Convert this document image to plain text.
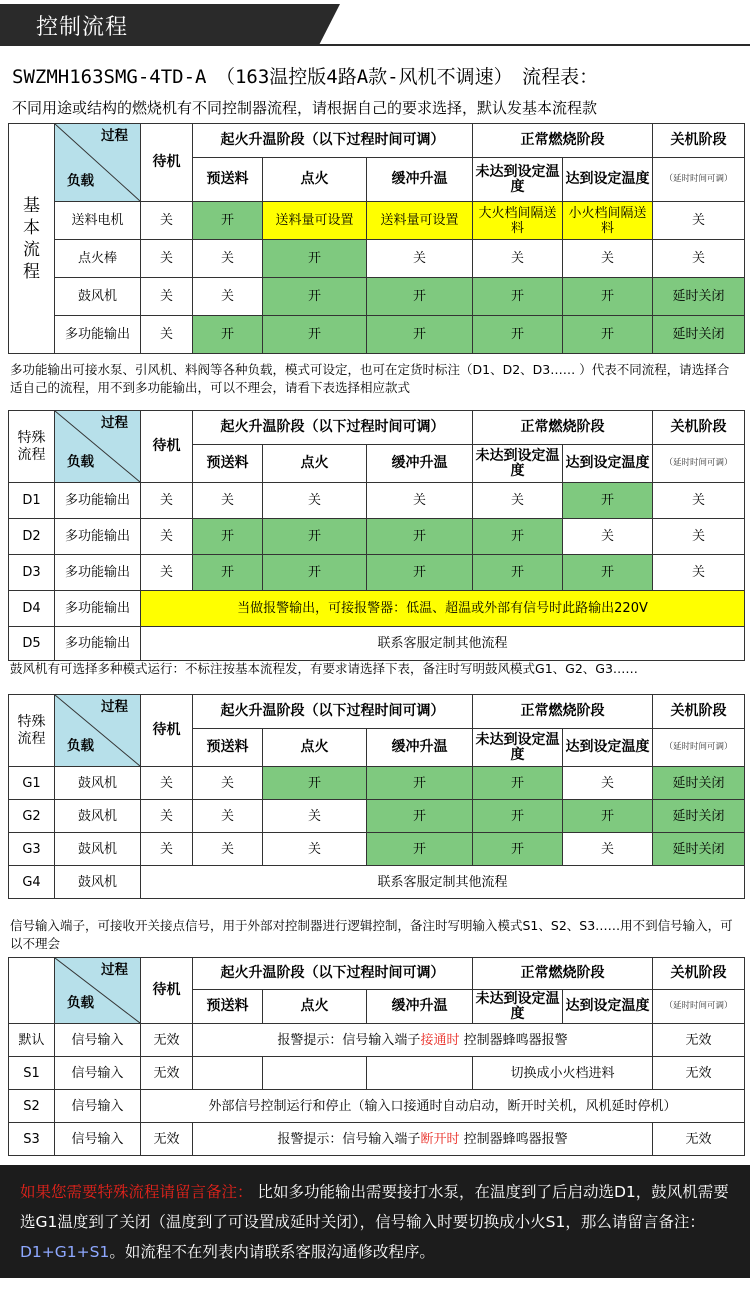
控制流程
SWZMH163SMG-4TD-A　（163温控版4路A款-风机不调速）　流程表：
不同用途或结构的燃烧机有不同控制器流程，请根据自己的要求选择，默认发基本流程款
基本流程	过程
负载	待机	起火升温阶段（以下过程时间可调）			正常燃烧阶段		关机阶段
			预送料	点火	缓冲升温	未达到设定温度	达到设定温度	（延时时间可调）
	送料电机	关	开	送料量可设置	送料量可设置	大火档间隔送料	小火档间隔送料	关
	点火棒	关	关	开	关	关	关	关
	鼓风机	关	关	开	开	开	开	延时关闭
	多功能输出	关	开	开	开	开	开	延时关闭
多功能输出可接水泵、引风机、料阀等各种负载，模式可设定，也可在定货时标注（D1、D2、D3…… ）代表不同流程，请选择合适自己的流程，用不到多功能输出，可以不理会，请看下表选择相应款式
特殊流程	过程
负载	待机	起火升温阶段（以下过程时间可调）			正常燃烧阶段		关机阶段
			预送料	点火	缓冲升温	未达到设定温度	达到设定温度	（延时时间可调）
D1	多功能输出	关	关	关	关	关	开	关
D2	多功能输出	关	开	开	开	开	关	关
D3	多功能输出	关	开	开	开	开	开	关
D4	多功能输出	当做报警输出，可接报警器：低温、超温或外部有信号时此路输出220V						
D5	多功能输出	联系客服定制其他流程						
鼓风机有可选择多种模式运行：不标注按基本流程发，有要求请选择下表，备注时写明鼓风模式G1、G2、G3……
特殊流程	过程
负载	待机	起火升温阶段（以下过程时间可调）			正常燃烧阶段		关机阶段
			预送料	点火	缓冲升温	未达到设定温度	达到设定温度	（延时时间可调）
G1	鼓风机	关	关	开	开	开	关	延时关闭
G2	鼓风机	关	关	关	开	开	开	延时关闭
G3	鼓风机	关	关	关	开	开	关	延时关闭
G4	鼓风机	联系客服定制其他流程						
信号输入端子，可接收开关接点信号，用于外部对控制器进行逻辑控制，备注时写明输入模式S1、S2、S3……用不到信号输入，可以不理会

	过程
负载	待机	起火升温阶段（以下过程时间可调）			正常燃烧阶段		关机阶段
			预送料	点火	缓冲升温	未达到设定温度	达到设定温度	（延时时间可调）
默认	信号输入	无效	报警提示：信号输入端子接通时 控制器蜂鸣器报警					无效
S1	信号输入	无效				切换成小火档进料		无效
S2	信号输入	外部信号控制运行和停止（输入口接通时自动启动，断开时关机，风机延时停机）						
S3	信号输入	无效	报警提示：信号输入端子断开时 控制器蜂鸣器报警					无效
如果您需要特殊流程请留言备注： 比如多功能输出需要接打水泵，在温度到了后启动选D1，鼓风机需要选G1温度到了关闭（温度到了可设置成延时关闭），信号输入时要切换成小火S1，那么请留言备注：D1+G1+S1。如流程不在列表内请联系客服沟通修改程序。
